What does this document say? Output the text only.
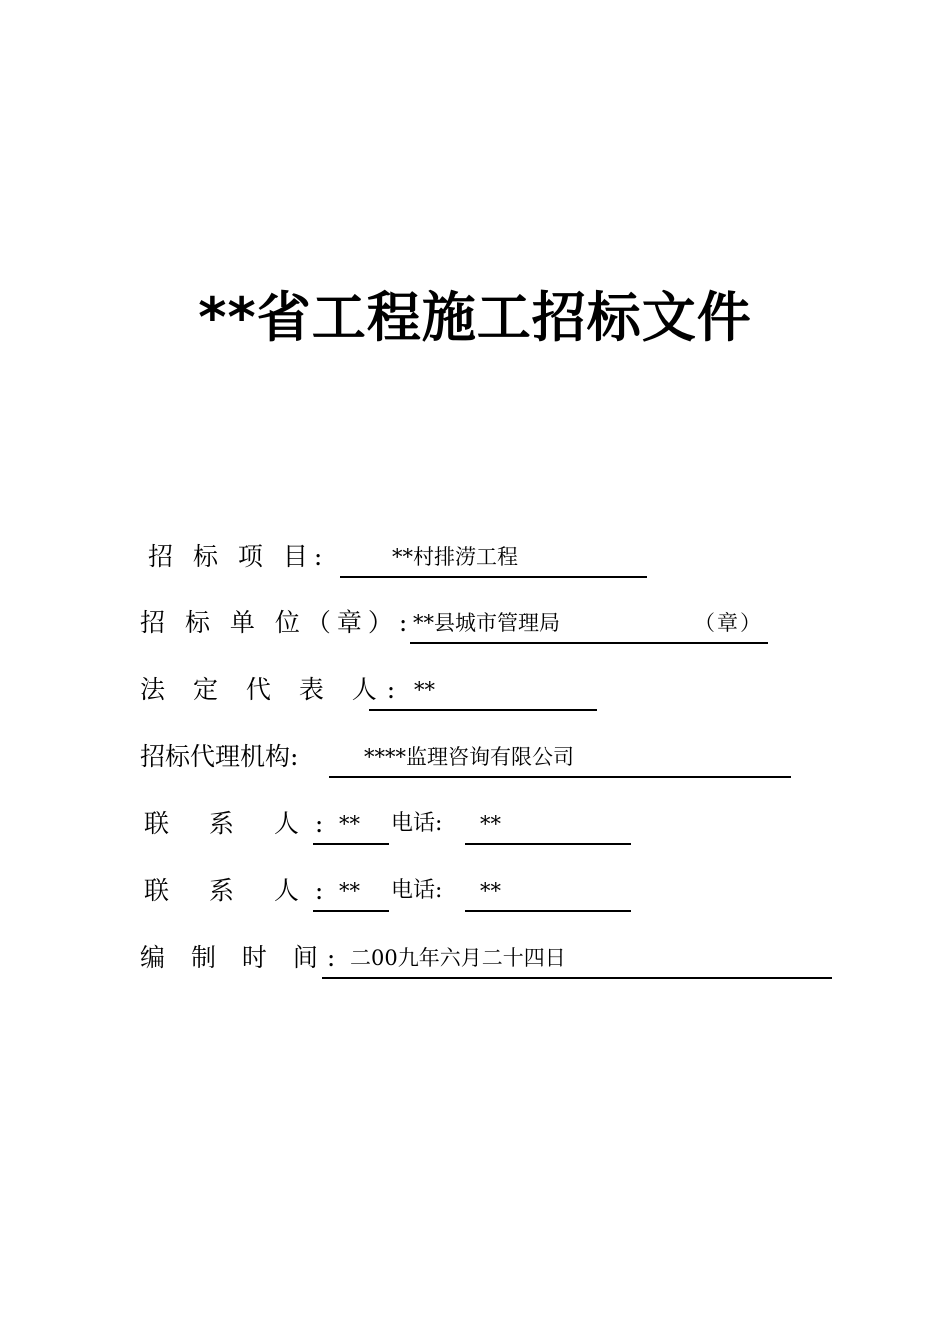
**省工程施工招标文件
招 标 项 目:	**村排涝工程
招 标 单 位（章）: **县城市管理局	（章）
法 定 代 表 人: **
招标代理机构:	****监理咨询有限公司
联 系 人: ** 电话: **
联 系 人: ** 电话: **
编 制 时 间: 二00九年六月二十四日
